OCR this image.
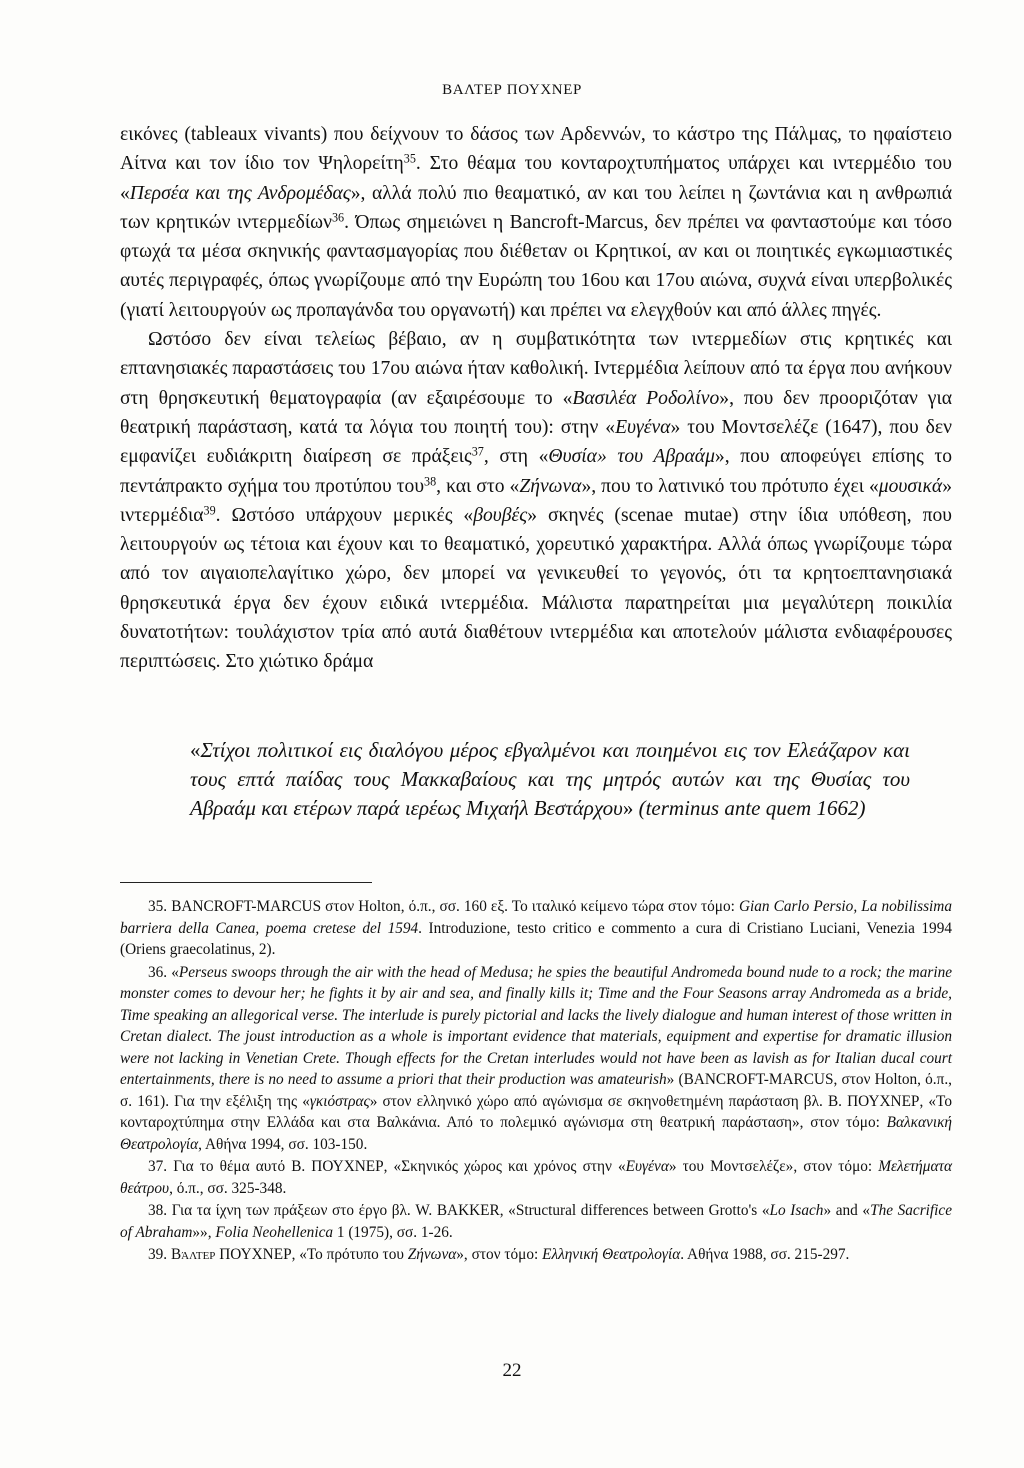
ΒΑΛΤΕΡ ΠΟΥΧΝΕΡ

εικόνες (tableaux vivants) που δείχνουν το δάσος των Αρδεννών, το κάστρο της Πάλμας, το ηφαίστειο Αίτνα και τον ίδιο τον Ψηλορείτη$^{35}$. Στο θέαμα του κονταροχτυπήματος υπάρχει και ιντερμέδιο του «Περσέα και της Ανδρομέδας», αλλά πολύ πιο θεαματικό, αν και του λείπει η ζωντάνια και η ανθρωπιά των κρητικών ιντερμεδίων$^{36}$. Όπως σημειώνει η Bancroft-Marcus, δεν πρέπει να φανταστούμε και τόσο φτωχά τα μέσα σκηνικής φαντασμαγορίας που διέθεταν οι Κρητικοί, αν και οι ποιητικές εγκωμιαστικές αυτές περιγραφές, όπως γνωρίζουμε από την Ευρώπη του 16ου και 17ου αιώνα, συχνά είναι υπερβολικές (γιατί λειτουργούν ως προπαγάνδα του οργανωτή) και πρέπει να ελεγχθούν και από άλλες πηγές.

Ωστόσο δεν είναι τελείως βέβαιο, αν η συμβατικότητα των ιντερμεδίων στις κρητικές και επτανησιακές παραστάσεις του 17ου αιώνα ήταν καθολική. Ιντερμέδια λείπουν από τα έργα που ανήκουν στη θρησκευτική θεματογραφία (αν εξαιρέσουμε το «Βασιλέα Ροδολίνο», που δεν προοριζόταν για θεατρική παράσταση, κατά τα λόγια του ποιητή του): στην «Ευγένα» του Μοντσελέζε (1647), που δεν εμφανίζει ευδιάκριτη διαίρεση σε πράξεις$^{37}$, στη «Θυσία» του Αβραάμ», που αποφεύγει επίσης το πεντάπρακτο σχήμα του προτύπου του$^{38}$, και στο «Ζήνωνα», που το λατινικό του πρότυπο έχει «μουσικά» ιντερμέδια$^{39}$. Ωστόσο υπάρχουν μερικές «βουβές» σκηνές (scenae mutae) στην ίδια υπόθεση, που λειτουργούν ως τέτοια και έχουν και το θεαματικό, χορευτικό χαρακτήρα. Αλλά όπως γνωρίζουμε τώρα από τον αιγαιοπελαγίτικο χώρο, δεν μπορεί να γενικευθεί το γεγονός, ότι τα κρητοεπτανησιακά θρησκευτικά έργα δεν έχουν ειδικά ιντερμέδια. Μάλιστα παρατηρείται μια μεγαλύτερη ποικιλία δυνατοτήτων: τουλάχιστον τρία από αυτά διαθέτουν ιντερμέδια και αποτελούν μάλιστα ενδιαφέρουσες περιπτώσεις. Στο χιώτικο δράμα

«Στίχοι πολιτικοί εις διαλόγου μέρος εβγαλμένοι και ποιημένοι εις τον Ελεάζαρον και τους επτά παίδας τους Μακκαβαίους και της μητρός αυτών και της Θυσίας του Αβραάμ και ετέρων παρά ιερέως Μιχαήλ Βεστάρχου» (terminus ante quem 1662)

35. BANCROFT-MARCUS στον Holton, ό.π., σσ. 160 εξ. Το ιταλικό κείμενο τώρα στον τόμο: Gian Carlo Persio, La nobilissima barriera della Canea, poema cretese del 1594. Introduzione, testo critico e commento a cura di Cristiano Luciani, Venezia 1994 (Oriens graecolatinus, 2).

36. «Perseus swoops through the air with the head of Medusa; he spies the beautiful Andromeda bound nude to a rock; the marine monster comes to devour her; he fights it by air and sea, and finally kills it; Time and the Four Seasons array Andromeda as a bride, Time speaking an allegorical verse. The interlude is purely pictorial and lacks the lively dialogue and human interest of those written in Cretan dialect. The joust introduction as a whole is important evidence that materials, equipment and expertise for dramatic illusion were not lacking in Venetian Crete. Though effects for the Cretan interludes would not have been as lavish as for Italian ducal court entertainments, there is no need to assume a priori that their production was amateurish» (BANCROFT-MARCUS, στον Holton, ό.π., σ. 161). Για την εξέλιξη της «γκιόστρας» στον ελληνικό χώρο από αγώνισμα σε σκηνοθετημένη παράσταση βλ. Β. ΠΟΥΧΝΕΡ, «Το κονταροχτύπημα στην Ελλάδα και στα Βαλκάνια. Από το πολεμικό αγώνισμα στη θεατρική παράσταση», στον τόμο: Βαλκανική Θεατρολογία, Αθήνα 1994, σσ. 103-150.

37. Για το θέμα αυτό Β. ΠΟΥΧΝΕΡ, «Σκηνικός χώρος και χρόνος στην «Ευγένα» του Μοντσελέζε», στον τόμο: Μελετήματα θεάτρου, ό.π., σσ. 325-348.

38. Για τα ίχνη των πράξεων στο έργο βλ. W. BAKKER, «Structural differences between Grotto's «Lo Isach» and «The Sacrifice of Abraham»», Folia Neohellenica 1 (1975), σσ. 1-26.

39. Βάλτερ ΠΟΥΧΝΕΡ, «Το πρότυπο του Ζήνωνα», στον τόμο: Ελληνική Θεατρολογία. Αθήνα 1988, σσ. 215-297.

22
